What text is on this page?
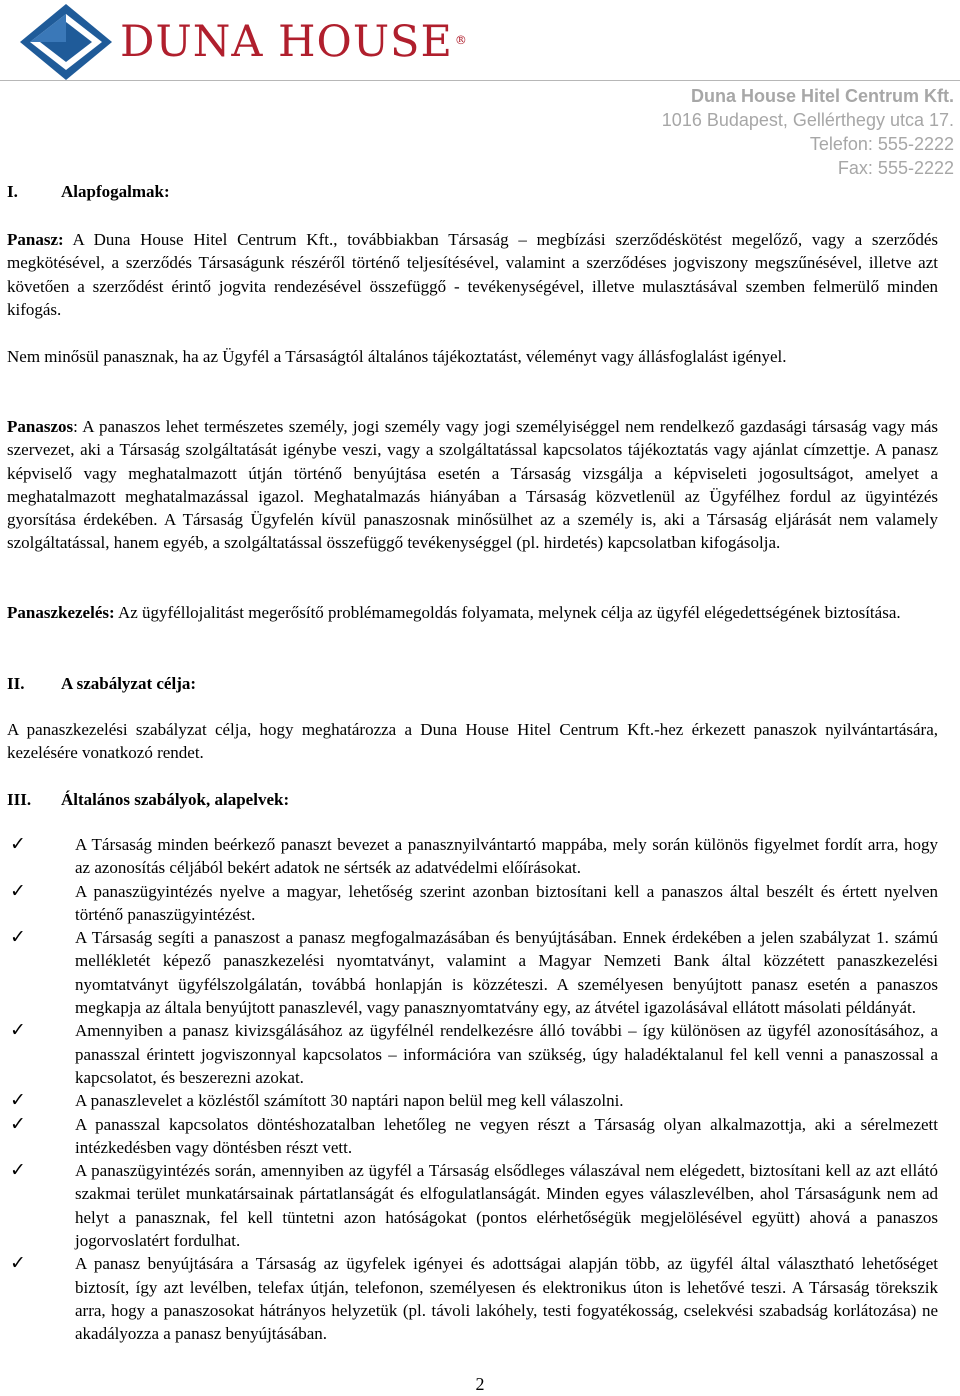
DUNA HOUSE ®
Duna House Hitel Centrum Kft.
1016 Budapest, Gellérthegy utca 17.
Telefon: 555-2222
Fax: 555-2222
I.	Alapfogalmak:
Panasz: A Duna House Hitel Centrum Kft., továbbiakban Társaság – megbízási szerződéskötést megelőző, vagy a szerződés megkötésével, a szerződés Társaságunk részéről történő teljesítésével, valamint a szerződéses jogviszony megszűnésével, illetve azt követően a szerződést érintő jogvita rendezésével összefüggő - tevékenységével, illetve mulasztásával szemben felmerülő minden kifogás.
Nem minősül panasznak, ha az Ügyfél a Társaságtól általános tájékoztatást, véleményt vagy állásfoglalást igényel.
Panaszos: A panaszos lehet természetes személy, jogi személy vagy jogi személyiséggel nem rendelkező gazdasági társaság vagy más szervezet, aki a Társaság szolgáltatását igénybe veszi, vagy a szolgáltatással kapcsolatos tájékoztatás vagy ajánlat címzettje. A panasz képviselő vagy meghatalmazott útján történő benyújtása esetén a Társaság vizsgálja a képviseleti jogosultságot, amelyet a meghatalmazott meghatalmazással igazol. Meghatalmazás hiányában a Társaság közvetlenül az Ügyfélhez fordul az ügyintézés gyorsítása érdekében. A Társaság Ügyfelén kívül panaszosnak minősülhet az a személy is, aki a Társaság eljárását nem valamely szolgáltatással, hanem egyéb, a szolgáltatással összefüggő tevékenységgel (pl. hirdetés) kapcsolatban kifogásolja.
Panaszkezelés: Az ügyféllojalitást megerősítő problémamegoldás folyamata, melynek célja az ügyfél elégedettségének biztosítása.
II. A szabályzat célja:
A panaszkezelési szabályzat célja, hogy meghatározza a Duna House Hitel Centrum Kft.-hez érkezett panaszok nyilvántartására, kezelésére vonatkozó rendet.
III. Általános szabályok, alapelvek:
✓	A Társaság minden beérkező panaszt bevezet a panasznyilvántartó mappába, mely során különös figyelmet fordít arra, hogy az azonosítás céljából bekért adatok ne sértsék az adatvédelmi előírásokat.
✓	A panaszügyintézés nyelve a magyar, lehetőség szerint azonban biztosítani kell a panaszos által beszélt és értett nyelven történő panaszügyintézést.
✓	A Társaság segíti a panaszost a panasz megfogalmazásában és benyújtásában. Ennek érdekében a jelen szabályzat 1. számú mellékletét képező panaszkezelési nyomtatványt, valamint a Magyar Nemzeti Bank által közzétett panaszkezelési nyomtatványt ügyfélszolgálatán, továbbá honlapján is közzéteszi. A személyesen benyújtott panasz esetén a panaszos megkapja az általa benyújtott panaszlevél, vagy panasznyomtatvány egy, az átvétel igazolásával ellátott másolati példányát.
✓	Amennyiben a panasz kivizsgálásához az ügyfélnél rendelkezésre álló további – így különösen az ügyfél azonosításához, a panasszal érintett jogviszonnyal kapcsolatos – információra van szükség, úgy haladéktalanul fel kell venni a panaszossal a kapcsolatot, és beszerezni azokat.
✓	A panaszlevelet a közléstől számított 30 naptári napon belül meg kell válaszolni.
✓	A panasszal kapcsolatos döntéshozatalban lehetőleg ne vegyen részt a Társaság olyan alkalmazottja, aki a sérelmezett intézkedésben vagy döntésben részt vett.
✓	A panaszügyintézés során, amennyiben az ügyfél a Társaság elsődleges válaszával nem elégedett, biztosítani kell az azt ellátó szakmai terület munkatársainak pártatlanságát és elfogulatlanságát. Minden egyes válaszlevélben, ahol Társaságunk nem ad helyt a panasznak, fel kell tüntetni azon hatóságokat (pontos elérhetőségük megjelölésével együtt) ahová a panaszos jogorvoslatért fordulhat.
✓	A panasz benyújtására a Társaság az ügyfelek igényei és adottságai alapján több, az ügyfél által választható lehetőséget biztosít, így azt levélben, telefax útján, telefonon, személyesen és elektronikus úton is lehetővé teszi. A Társaság törekszik arra, hogy a panaszosokat hátrányos helyzetük (pl. távoli lakóhely, testi fogyatékosság, cselekvési szabadság korlátozása) ne akadályozza a panasz benyújtásában.
2
